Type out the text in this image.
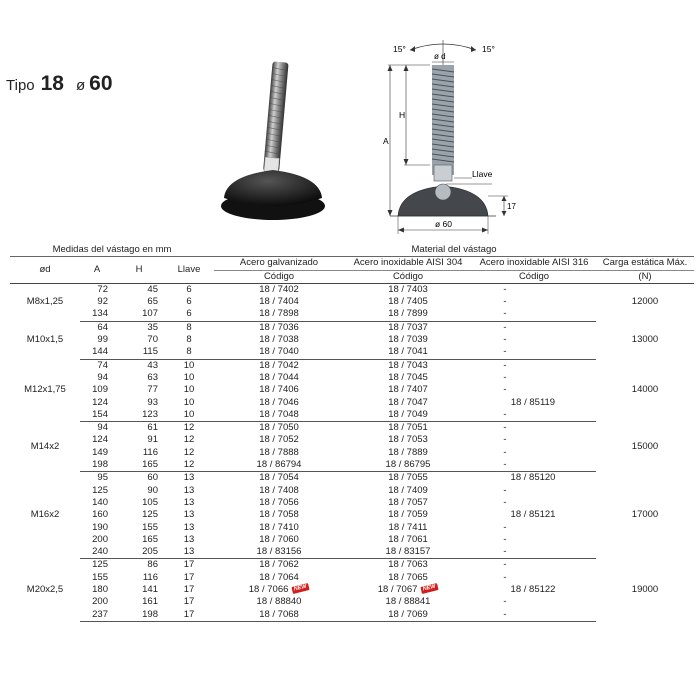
Tipo 18 ø 60
15°	15°
ø d
A
H
Llave
17
ø 60
Medidas del vástago en mm				Material del vástago			
ød	A	H	Llave	Acero galvanizado	Acero inoxidable AISI 304	Acero inoxidable AISI 316	Carga estática Máx.
				Código	Código	Código	(N)
M8x1,25	72	45	6	18 / 7402	18 / 7403	-	12000
	92	65	6	18 / 7404	18 / 7405	-	
	134	107	6	18 / 7898	18 / 7899	-	
M10x1,5	64	35	8	18 / 7036	18 / 7037	-	13000
	99	70	8	18 / 7038	18 / 7039	-	
	144	115	8	18 / 7040	18 / 7041	-	
M12x1,75	74	43	10	18 / 7042	18 / 7043	-	14000
	94	63	10	18 / 7044	18 / 7045	-	
	109	77	10	18 / 7406	18 / 7407	-	
	124	93	10	18 / 7046	18 / 7047	18 / 85119	
	154	123	10	18 / 7048	18 / 7049	-	
M14x2	94	61	12	18 / 7050	18 / 7051	-	15000
	124	91	12	18 / 7052	18 / 7053	-	
	149	116	12	18 / 7888	18 / 7889	-	
	198	165	12	18 / 86794	18 / 86795	-	
M16x2	95	60	13	18 / 7054	18 / 7055	18 / 85120	17000
	125	90	13	18 / 7408	18 / 7409	-	
	140	105	13	18 / 7056	18 / 7057	-	
	160	125	13	18 / 7058	18 / 7059	18 / 85121	
	190	155	13	18 / 7410	18 / 7411	-	
	200	165	13	18 / 7060	18 / 7061	-	
	240	205	13	18 / 83156	18 / 83157	-	
M20x2,5	125	86	17	18 / 7062	18 / 7063	-	19000
	155	116	17	18 / 7064	18 / 7065	-	
	180	141	17	18 / 7066 NEW	18 / 7067 NEW	18 / 85122	
	200	161	17	18 / 88840	18 / 88841	-	
	237	198	17	18 / 7068	18 / 7069	-	
